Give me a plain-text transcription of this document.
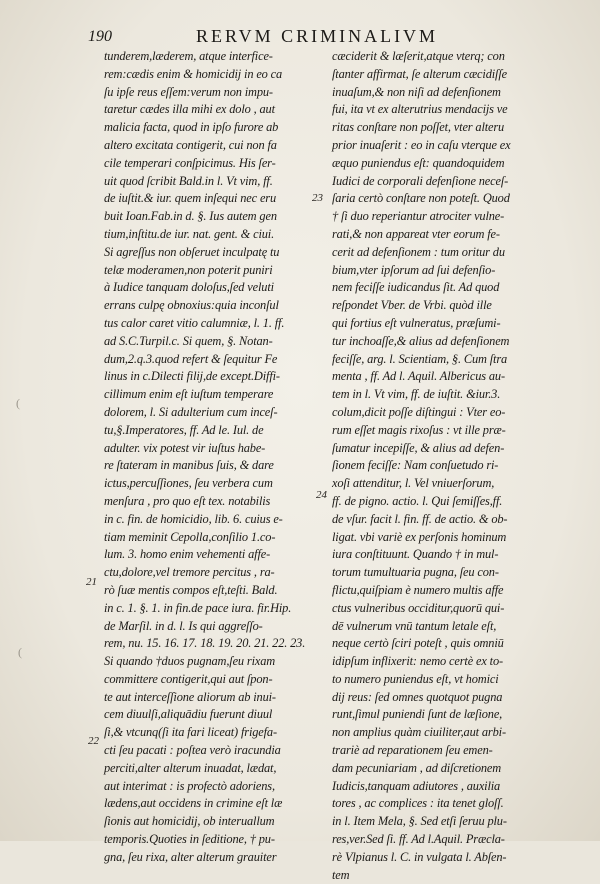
190	RERVM CRIMINALIVM
tunderem,læderem, atque interfice-
rem:cædis enim & homicidij in eo ca
ſu ipſe reus eſſem:verum non impu-
taretur cædes illa mihi ex dolo , aut
malicia facta, quod in ipſo furore ab
altero excitata contigerit, cui non fa
cile temperari conſpicimus. His ſer-
uit quod ſcribit Bald.in l. Vt vim, ff.
de iuſtit.& iur. quem inſequi nec eru
buit Ioan.Fab.in d. §. Ius autem gen
tium,inſtitu.de iur. nat. gent. & ciui.
Si agreſſus non obſeruet inculpatę tu
telæ moderamen,non poterit puniri
à Iudice tanquam doloſus,ſed veluti
errans culpę obnoxius:quia inconſul
tus calor caret vitio calumniæ, l. 1. ff.
ad S.C.Turpil.c. Si quem, §. Notan-
dum,2.q.3.quod refert & ſequitur Fe
linus in c.Dilecti filij,de except.Diffi-
cillimum enim eſt iuſtum temperare
dolorem, l. Si adulterium cum inceſ-
tu,§.Imperatores, ff. Ad le. Iul. de
adulter. vix potest vir iuſtus habe-
re ſtateram in manibus ſuis, & dare
ictus,percuſſiones, ſeu verbera cum
menſura , pro quo eſt tex. notabilis
in c. fin. de homicidio, lib. 6. cuius e-
tiam meminit Cepolla,conſilio 1.co-
lum. 3. homo enim vehementi affe-
ctu,dolore,vel tremore percitus , ra-
rò ſuæ mentis compos eſt,teſti. Bald.
in c. 1. §. 1. in fin.de pace iura. fir.Hip.
de Marſil. in d. l. Is qui aggreſſo-
rem, nu. 15. 16. 17. 18. 19. 20. 21. 22. 23.
Si quando †duos pugnam,ſeu rixam
committere contigerit,qui aut ſpon-
te aut interceſſione aliorum ab inui-
cem diuulſi,aliquādiu fuerunt diuul
ſi,& vtcunq(ſi ita fari liceat) frigefa-
cti ſeu pacati : poſtea verò iracundia
perciti,alter alterum inuadat, lædat,
aut interimat : is profectò adoriens,
lædens,aut occidens in crimine eſt læ
ſionis aut homicidij, ob interuallum
temporis.Quoties in ſeditione, † pu-
gna, ſeu rixa, alter alterum grauiter
cæciderit & læſerit,atque vterq; con
ſtanter affirmat, ſe alterum cæcidiſſe
inuaſum,& non niſi ad defenſionem
fui, ita vt ex alterutrius mendacijs ve
ritas conſtare non poſſet, vter alteru
prior inuaſerit : eo in caſu vterque ex
æquo puniendus eſt: quandoquidem
Iudici de corporali defenſione neceſ-
ſaria certò conſtare non poteſt. Quod
† ſi duo reperiantur atrociter vulne-
rati,& non appareat vter eorum fe-
cerit ad defenſionem : tum oritur du
bium,vter ipſorum ad ſui defenſio-
nem feciſſe iudicandus ſit. Ad quod
reſpondet Vber. de Vrbi. quòd ille
qui fortius eſt vulneratus, præſumi-
tur inchoaſſe,& alius ad defenſionem
feciſſe, arg. l. Scientiam, §. Cum ſtra
menta , ff. Ad l. Aquil. Albericus au-
tem in l. Vt vim, ff. de iuſtit. &iur.3.
colum,dicit poſſe diſtingui : Vter eo-
rum eſſet magis rixoſus : vt ille præ-
ſumatur incepiſſe, & alius ad defen-
ſionem feciſſe: Nam conſuetudo ri-
xoſi attenditur, l. Vel vniuerſorum,
ff. de pigno. actio. l. Qui ſemiſſes,ff.
de vſur. facit l. fin. ff. de actio. & ob-
ligat. vbi variè ex perſonis hominum
iura conſtituunt. Quando † in mul-
torum tumultuaria pugna, ſeu con-
flictu,quiſpiam è numero multis affe
ctus vulneribus occiditur,quorū qui-
dē vulnerum vnū tantum letale eſt,
neque certò ſciri poteſt , quis omniū
idipſum inflixerit: nemo certè ex to-
to numero puniendus eſt, vt homici
dij reus: ſed omnes quotquot pugna
runt,ſimul puniendi ſunt de læſione,
non amplius quàm ciuiliter,aut arbi-
trariè ad reparationem ſeu emen-
dam pecuniariam , ad diſcretionem
Iudicis,tanquam adiutores , auxilia
tores , ac complices : ita tenet gloſſ.
in l. Item Mela, §. Sed etſi ſeruu plu-
res,ver.Sed ſi. ff. Ad l.Aquil. Præcla-
rè Vlpianus l. C. in vulgata l. Abſen-
tem
23
24
21
22
(
(
